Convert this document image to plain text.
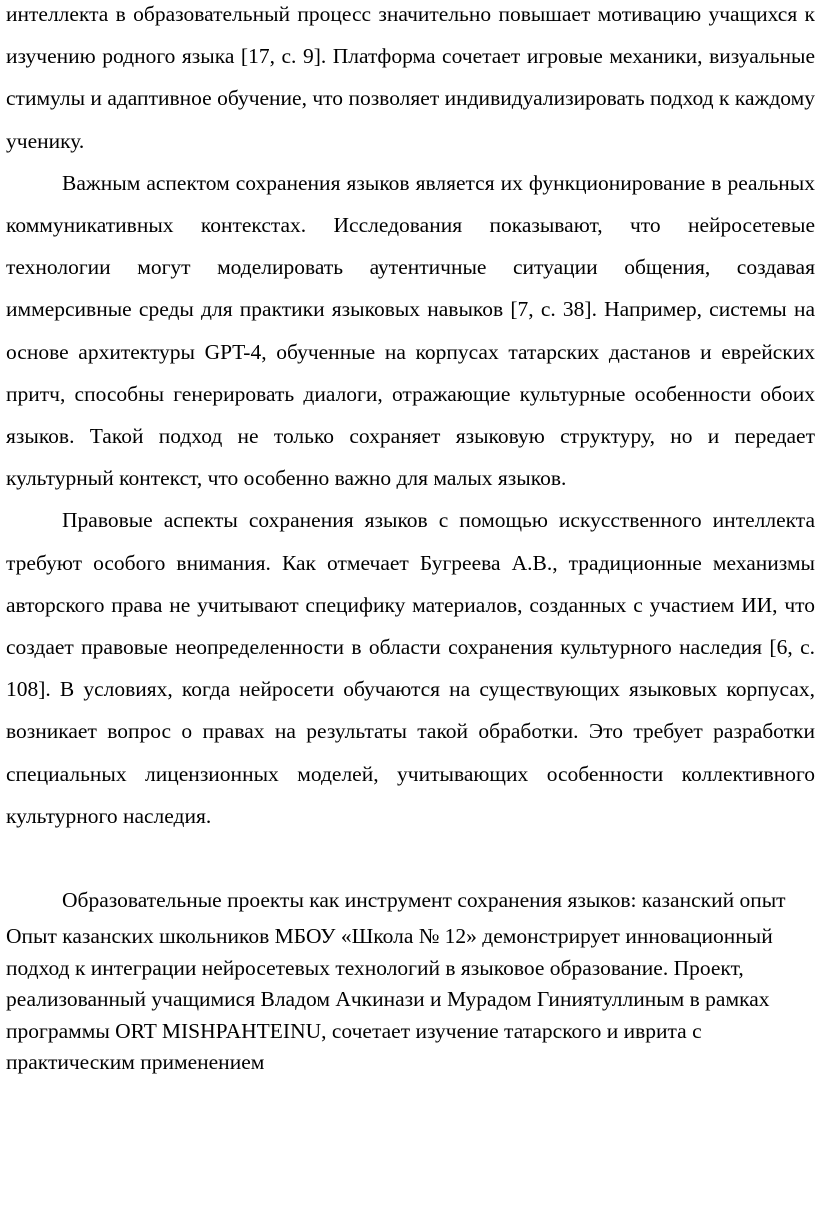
интеллекта в образовательный процесс значительно повышает мотивацию учащихся к изучению родного языка [17, с. 9]. Платформа сочетает игровые механики, визуальные стимулы и адаптивное обучение, что позволяет индивидуализировать подход к каждому ученику.

Важным аспектом сохранения языков является их функционирование в реальных коммуникативных контекстах. Исследования показывают, что нейросетевые технологии могут моделировать аутентичные ситуации общения, создавая иммерсивные среды для практики языковых навыков [7, с. 38]. Например, системы на основе архитектуры GPT-4, обученные на корпусах татарских дастанов и еврейских притч, способны генерировать диалоги, отражающие культурные особенности обоих языков. Такой подход не только сохраняет языковую структуру, но и передает культурный контекст, что особенно важно для малых языков.

Правовые аспекты сохранения языков с помощью искусственного интеллекта требуют особого внимания. Как отмечает Бугреева А.В., традиционные механизмы авторского права не учитывают специфику материалов, созданных с участием ИИ, что создает правовые неопределенности в области сохранения культурного наследия [6, с. 108]. В условиях, когда нейросети обучаются на существующих языковых корпусах, возникает вопрос о правах на результаты такой обработки. Это требует разработки специальных лицензионных моделей, учитывающих особенности коллективного культурного наследия.

Образовательные проекты как инструмент сохранения языков: казанский опыт

Опыт казанских школьников МБОУ «Школа № 12» демонстрирует инновационный подход к интеграции нейросетевых технологий в языковое образование. Проект, реализованный учащимися Владом Ачкинази и Мурадом Гиниятуллиным в рамках программы ORT MISHPAHTEINU, сочетает изучение татарского и иврита с практическим применением
